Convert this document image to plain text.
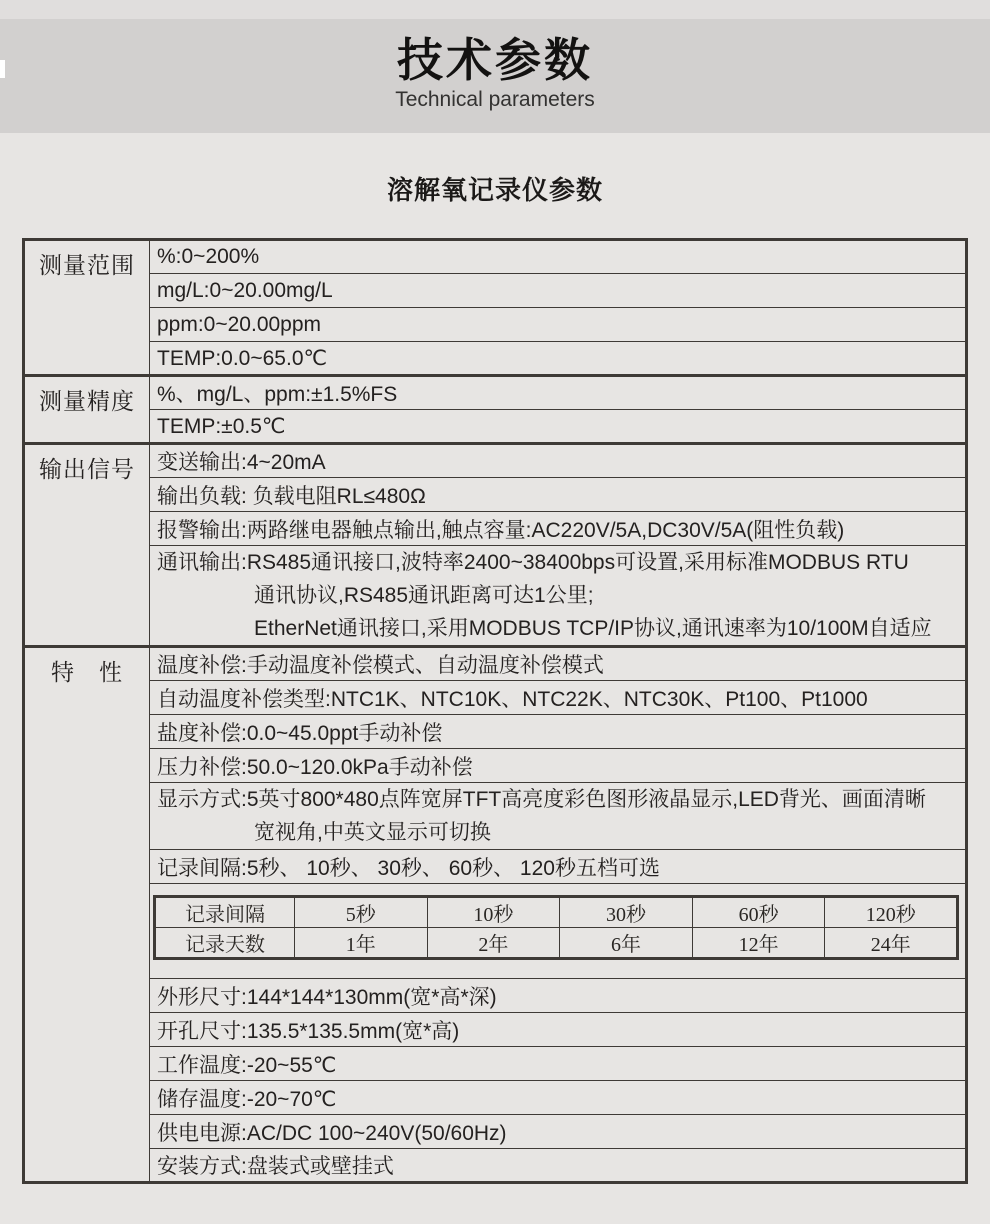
技术参数
Technical parameters
溶解氧记录仪参数
测量范围	%:0~200%
mg/L:0~20.00mg/L
ppm:0~20.00ppm
TEMP:0.0~65.0℃
测量精度	%、mg/L、ppm:±1.5%FS
TEMP:±0.5℃
输出信号	变送输出:4~20mA
输出负载: 负载电阻RL≤480Ω
报警输出:两路继电器触点输出,触点容量:AC220V/5A,DC30V/5A(阻性负载)

通讯输出:RS485通讯接口,波特率2400~38400bps可设置,采用标准MODBUS RTU
通讯协议,RS485通讯距离可达1公里;
EtherNet通讯接口,采用MODBUS TCP/IP协议,通讯速率为10/100M自适应

特　性	温度补偿:手动温度补偿模式、自动温度补偿模式
自动温度补偿类型:NTC1K、NTC10K、NTC22K、NTC30K、Pt100、Pt1000
盐度补偿:0.0~45.0ppt手动补偿
压力补偿:50.0~120.0kPa手动补偿

显示方式:5英寸800*480点阵宽屏TFT高亮度彩色图形液晶显示,LED背光、画面清晰
宽视角,中英文显示可切换

记录间隔:5秒、 10秒、 30秒、 60秒、 120秒五档可选

记录间隔	5秒	10秒	30秒	60秒	120秒
记录天数	1年	2年	6年	12年	24年

外形尺寸:144*144*130mm(宽*高*深)
开孔尺寸:135.5*135.5mm(宽*高)
工作温度:-20~55℃
储存温度:-20~70℃
供电电源:AC/DC 100~240V(50/60Hz)
安装方式:盘装式或壁挂式
